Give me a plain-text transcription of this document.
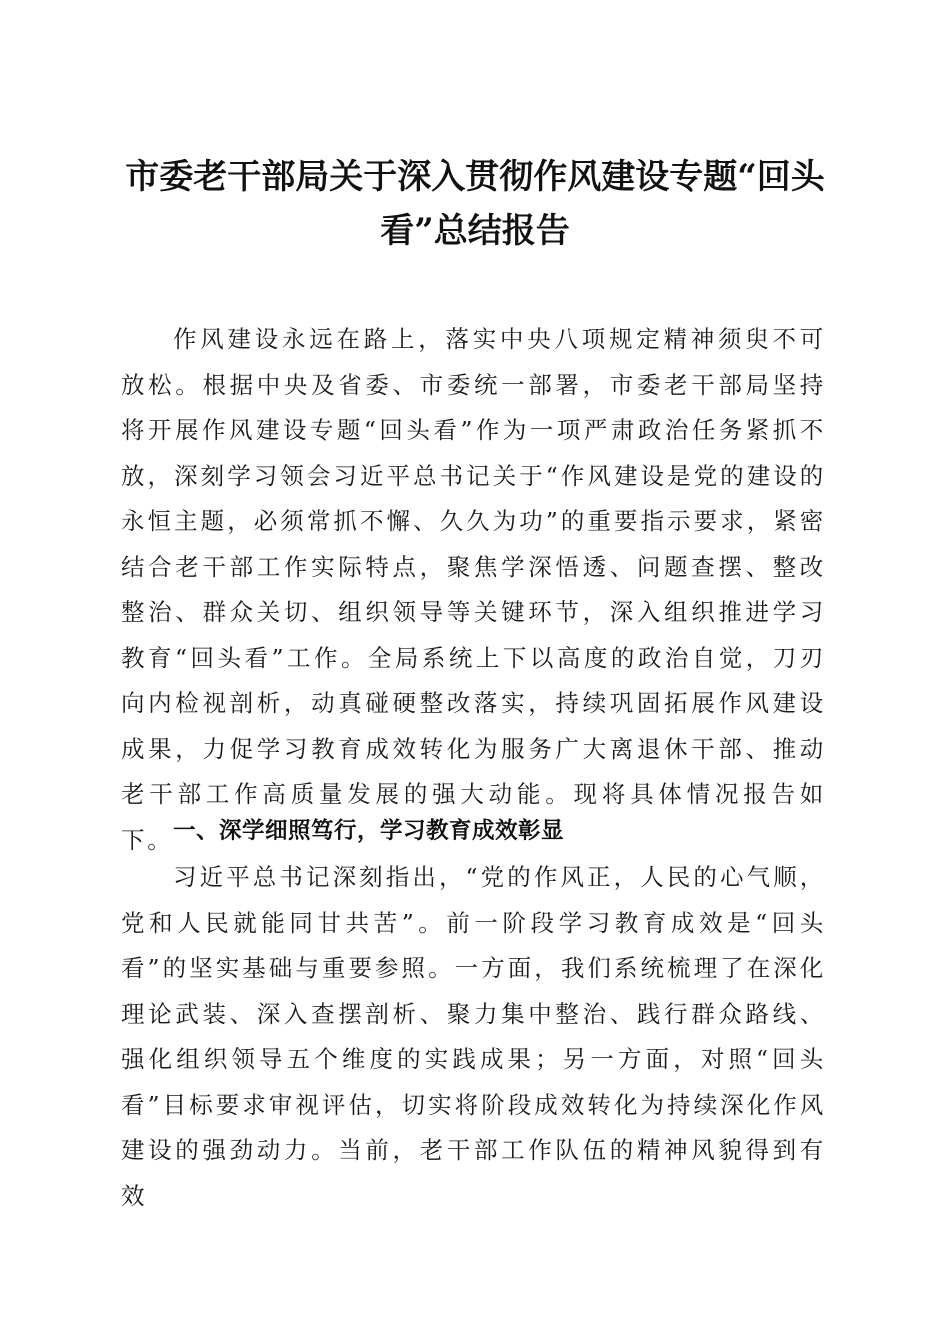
市委老干部局关于深入贯彻作风建设专题“回头看”总结报告

作风建设永远在路上，落实中央八项规定精神须臾不可放松。根据中央及省委、市委统一部署，市委老干部局坚持将开展作风建设专题“回头看”作为一项严肃政治任务紧抓不放，深刻学习领会习近平总书记关于“作风建设是党的建设的永恒主题，必须常抓不懈、久久为功”的重要指示要求，紧密结合老干部工作实际特点，聚焦学深悟透、问题查摆、整改整治、群众关切、组织领导等关键环节，深入组织推进学习教育“回头看”工作。全局系统上下以高度的政治自觉，刀刃向内检视剖析，动真碰硬整改落实，持续巩固拓展作风建设成果，力促学习教育成效转化为服务广大离退休干部、推动老干部工作高质量发展的强大动能。现将具体情况报告如下。 一、深学细照笃行，学习教育成效彰显

习近平总书记深刻指出，“党的作风正，人民的心气顺，党和人民就能同甘共苦”。前一阶段学习教育成效是“回头看”的坚实基础与重要参照。一方面，我们系统梳理了在深化理论武装、深入查摆剖析、聚力集中整治、践行群众路线、强化组织领导五个维度的实践成果；另一方面，对照“回头看”目标要求审视评估，切实将阶段成效转化为持续深化作风建设的强劲动力。当前，老干部工作队伍的精神风貌得到有效
